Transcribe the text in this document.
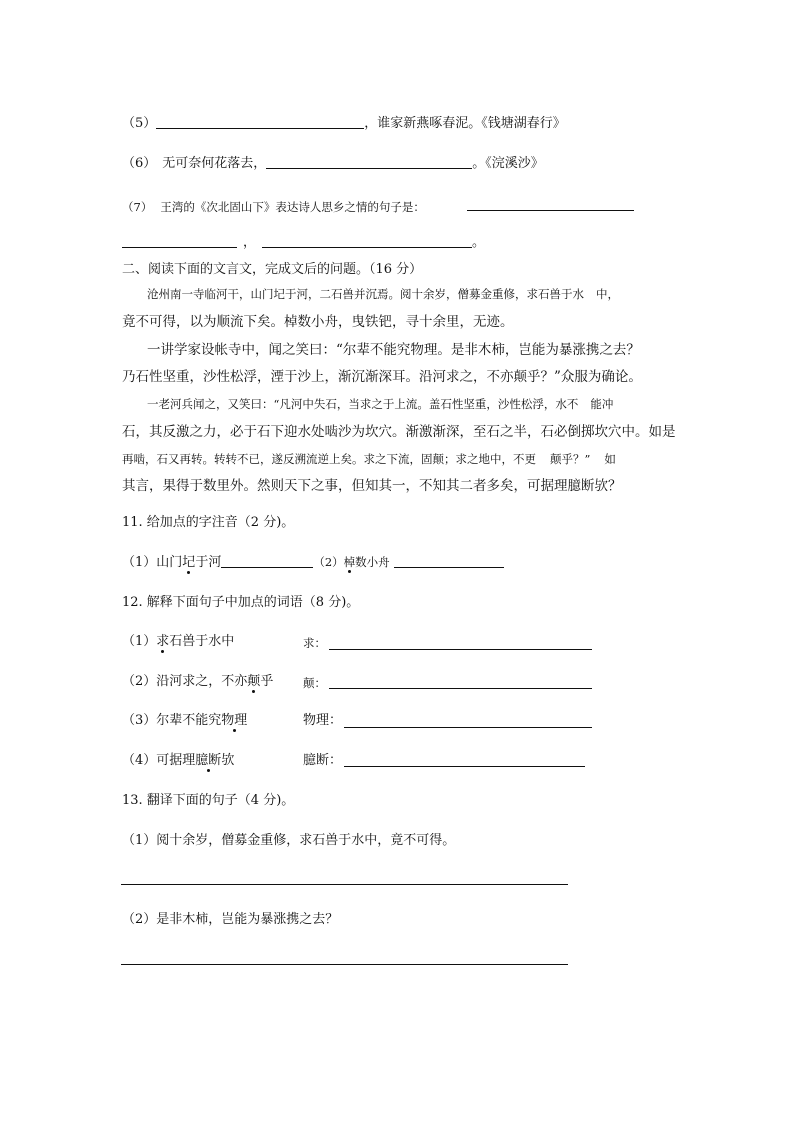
（5）	，谁家新燕啄春泥。《钱塘湖春行》
（6） 无可奈何花落去，	。《浣溪沙》
（7） 王湾的《次北固山下》表达诗人思乡之情的句子是：
，	。
二、阅读下面的文言文，完成文后的问题。（16 分）
沧州南一寺临河干，山门圮于河，二石兽并沉焉。阅十余岁，僧募金重修，求石兽于水 中，
竟不可得，以为顺流下矣。棹数小舟，曳铁钯，寻十余里，无迹。
一讲学家设帐寺中，闻之笑曰：“尔辈不能究物理。是非木柿，岂能为暴涨携之去？
乃石性坚重，沙性松浮，湮于沙上，渐沉渐深耳。沿河求之，不亦颠乎？”众服为确论。
一老河兵闻之，又笑曰：“凡河中失石，当求之于上流。盖石性坚重，沙性松浮，水不 能冲
石，其反激之力，必于石下迎水处啮沙为坎穴。渐激渐深，至石之半，石必倒掷坎穴中。如是
再啮，石又再转。转转不已，遂反溯流逆上矣。求之下流，固颠；求之地中，不更 颠乎？” 如
其言，果得于数里外。然则天下之事，但知其一，不知其二者多矣，可据理臆断欤？
11. 给加点的字注音（2 分)。
（1）山门圮于河	（2）棹数小舟
12. 解释下面句子中加点的词语（8 分)。
（1）求石兽于水中	求：
（2）沿河求之，不亦颠乎	颠：
（3）尔辈不能究物理	物理：
（4）可据理臆断欤	臆断：
13. 翻译下面的句子（4 分)。
（1）阅十余岁，僧募金重修，求石兽于水中，竟不可得。
（2）是非木柿，岂能为暴涨携之去？
